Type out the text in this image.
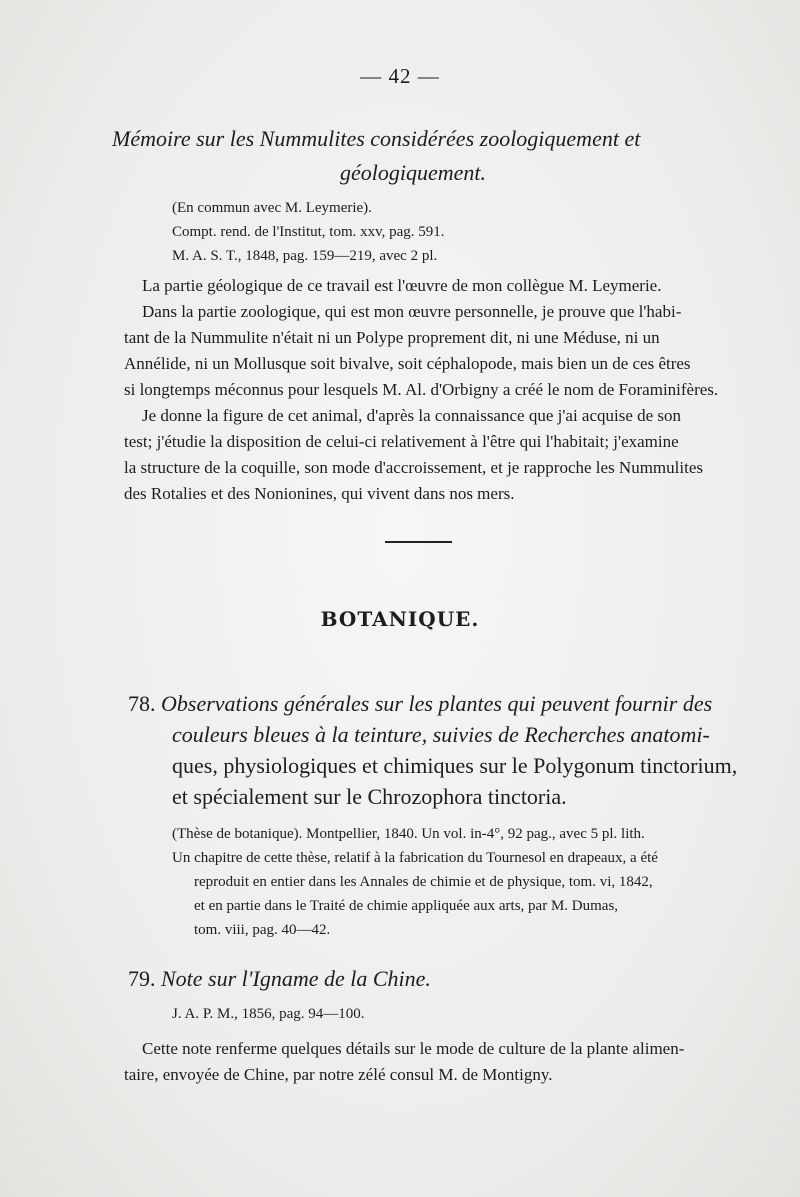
— 42 —
Mémoire sur les Nummulites considérées zoologiquement et
géologiquement.
(En commun avec M. Leymerie).
Compt. rend. de l'Institut, tom. xxv, pag. 591.
M. A. S. T., 1848, pag. 159—219, avec 2 pl.
La partie géologique de ce travail est l'œuvre de mon collègue M. Leymerie.
Dans la partie zoologique, qui est mon œuvre personnelle, je prouve que l'habi-
tant de la Nummulite n'était ni un Polype proprement dit, ni une Méduse, ni un
Annélide, ni un Mollusque soit bivalve, soit céphalopode, mais bien un de ces êtres
si longtemps méconnus pour lesquels M. Al. d'Orbigny a créé le nom de Foraminifères.
Je donne la figure de cet animal, d'après la connaissance que j'ai acquise de son
test; j'étudie la disposition de celui-ci relativement à l'être qui l'habitait; j'examine
la structure de la coquille, son mode d'accroissement, et je rapproche les Nummulites
des Rotalies et des Nonionines, qui vivent dans nos mers.
BOTANIQUE.
78. Observations générales sur les plantes qui peuvent fournir des
couleurs bleues à la teinture, suivies de Recherches anatomi-
ques, physiologiques et chimiques sur le Polygonum tinctorium,
et spécialement sur le Chrozophora tinctoria.
(Thèse de botanique). Montpellier, 1840. Un vol. in-4°, 92 pag., avec 5 pl. lith.
Un chapitre de cette thèse, relatif à la fabrication du Tournesol en drapeaux, a été
reproduit en entier dans les Annales de chimie et de physique, tom. vi, 1842,
et en partie dans le Traité de chimie appliquée aux arts, par M. Dumas,
tom. viii, pag. 40—42.
79. Note sur l'Igname de la Chine.
J. A. P. M., 1856, pag. 94—100.
Cette note renferme quelques détails sur le mode de culture de la plante alimen-
taire, envoyée de Chine, par notre zélé consul M. de Montigny.
